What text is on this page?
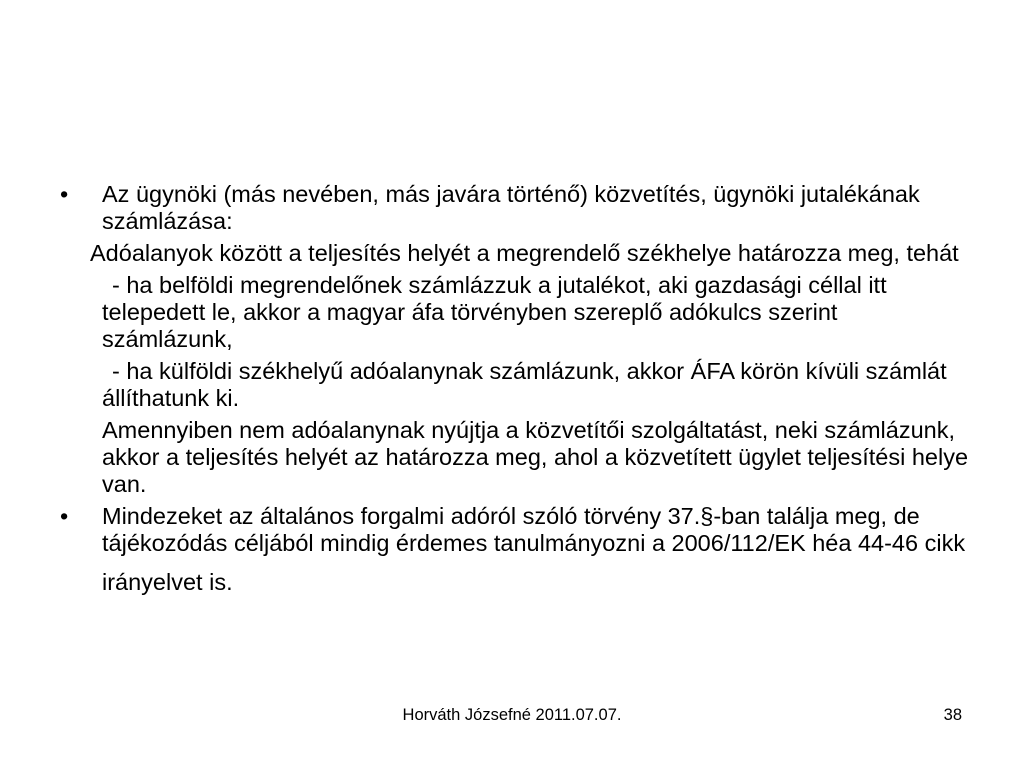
•	Az ügynöki (más nevében, más javára történő) közvetítés, ügynöki jutalékának számlázása:
Adóalanyok között a teljesítés helyét a megrendelő székhelye határozza meg, tehát
- ha belföldi megrendelőnek számlázzuk a jutalékot, aki gazdasági céllal itt telepedett le, akkor a magyar áfa törvényben szereplő adókulcs szerint számlázunk,
- ha külföldi székhelyű adóalanynak számlázunk, akkor ÁFA körön kívüli számlát állíthatunk ki.
Amennyiben nem adóalanynak nyújtja a közvetítői szolgáltatást, neki számlázunk, akkor a teljesítés helyét az határozza meg, ahol a közvetített ügylet teljesítési helye van.
•	Mindezeket az általános forgalmi adóról szóló törvény 37.§-ban találja meg, de tájékozódás céljából mindig érdemes tanulmányozni a 2006/112/EK héa 44-46 cikk
irányelvet is.
Horváth Józsefné 2011.07.07.	38
